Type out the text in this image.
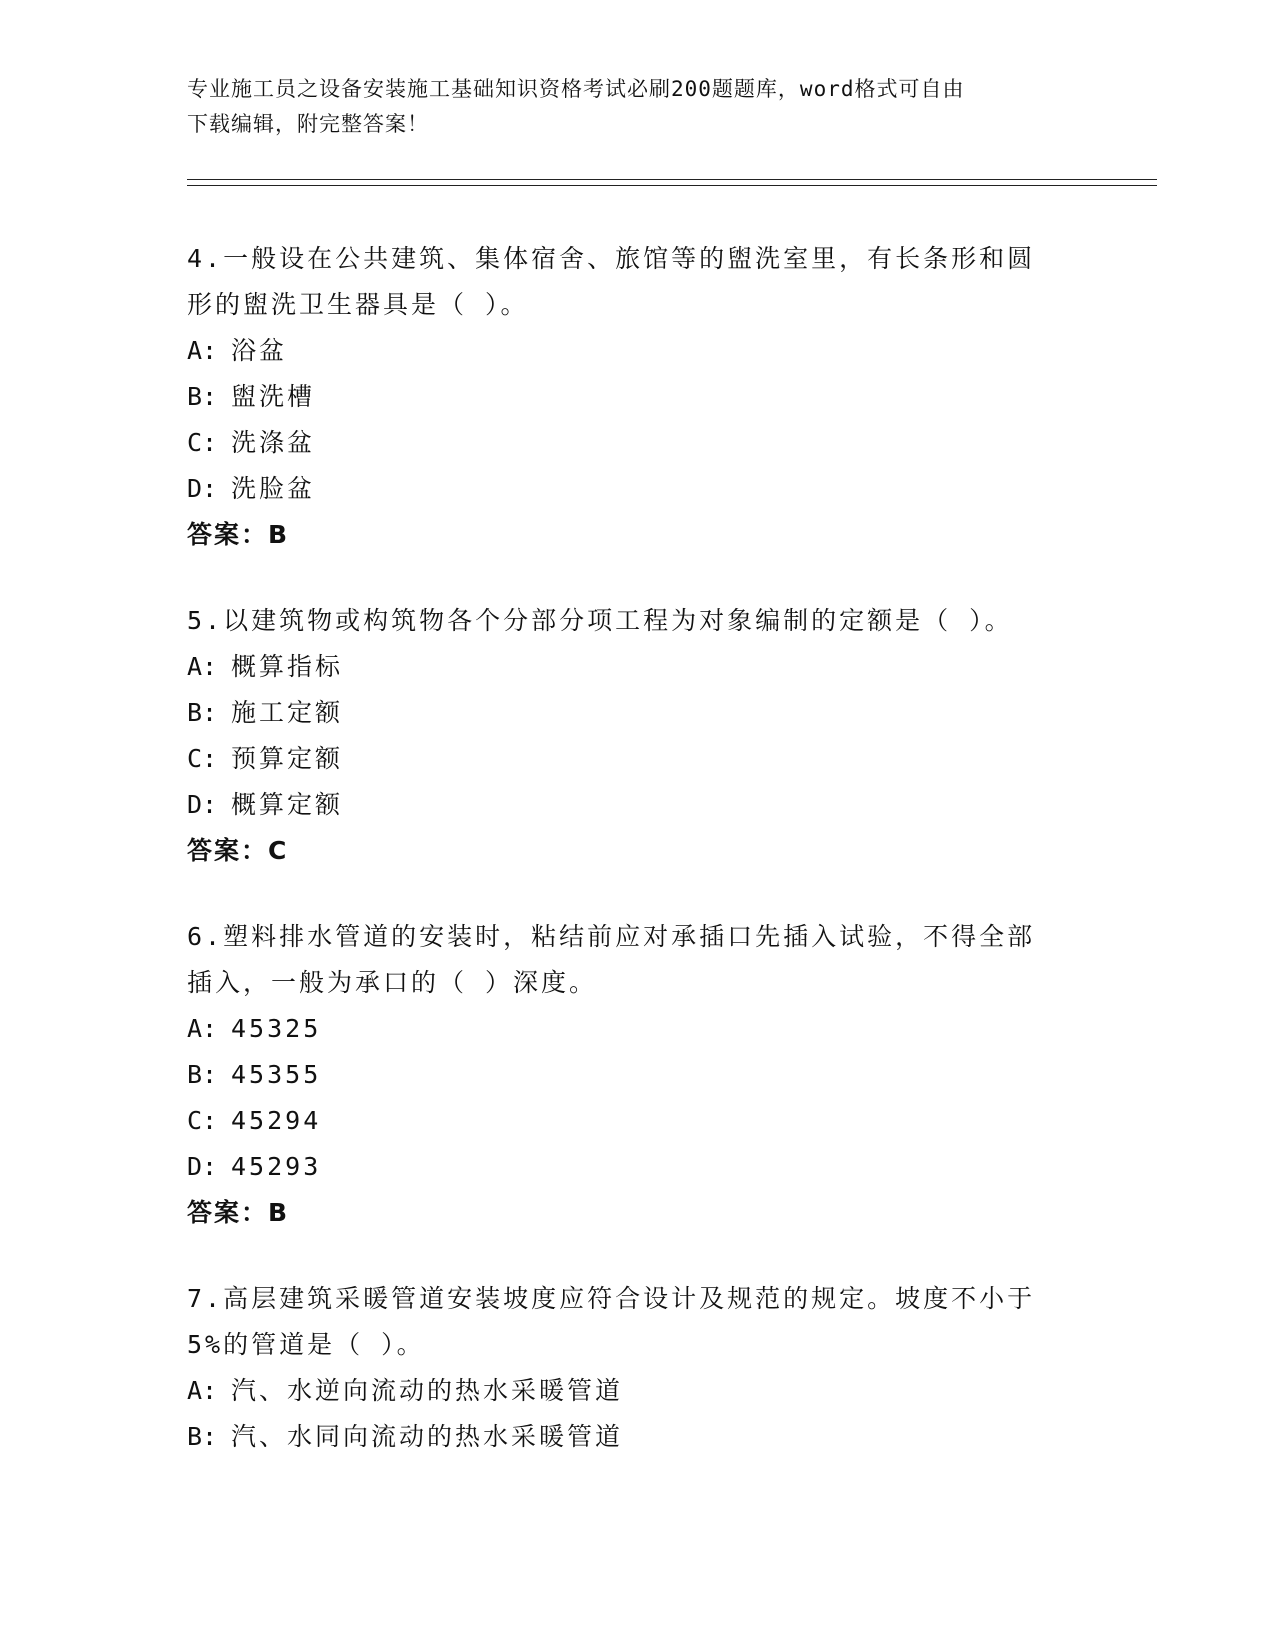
专业施工员之设备安装施工基础知识资格考试必刷200题题库，word格式可自由
下载编辑，附完整答案！
4.一般设在公共建筑、集体宿舍、旅馆等的盥洗室里，有长条形和圆
形的盥洗卫生器具是（ ）。
A: 浴盆
B: 盥洗槽
C: 洗涤盆
D: 洗脸盆
答案：B
5.以建筑物或构筑物各个分部分项工程为对象编制的定额是（ ）。
A: 概算指标
B: 施工定额
C: 预算定额
D: 概算定额
答案：C
6.塑料排水管道的安装时，粘结前应对承插口先插入试验，不得全部
插入，一般为承口的（ ）深度。
A: 45325
B: 45355
C: 45294
D: 45293
答案：B
7.高层建筑采暖管道安装坡度应符合设计及规范的规定。坡度不小于
5%的管道是（ ）。
A: 汽、水逆向流动的热水采暖管道
B: 汽、水同向流动的热水采暖管道
